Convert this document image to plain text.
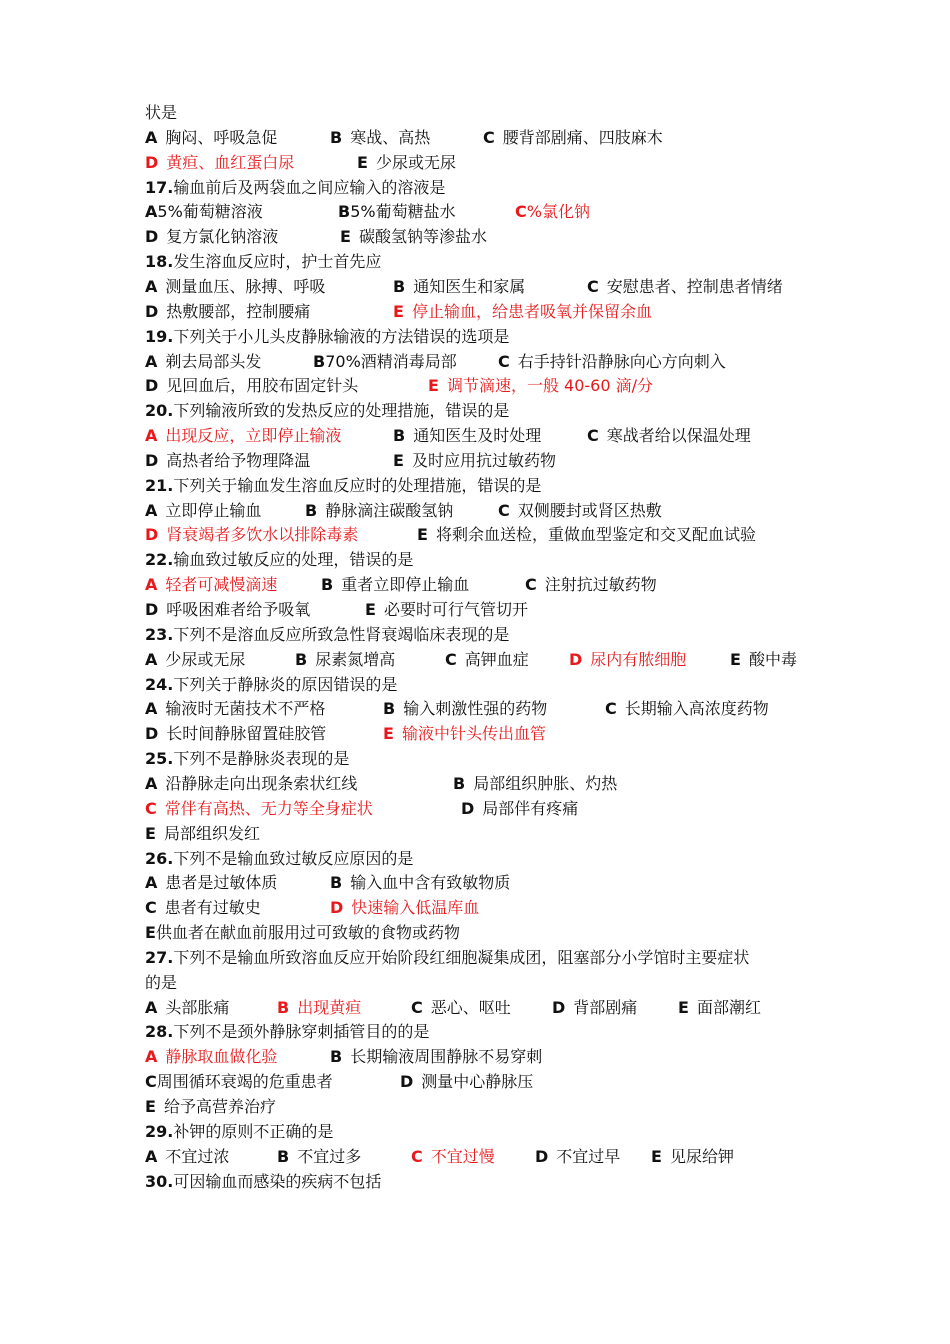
状是
A 胸闷、呼吸急促	B 寒战、高热	C 腰背部剧痛、四肢麻木
D 黄疸、血红蛋白尿	E 少尿或无尿
17.输血前后及两袋血之间应输入的溶液是
A5%葡萄糖溶液	B5%葡萄糖盐水	C%氯化钠
D 复方氯化钠溶液	E 碳酸氢钠等渗盐水
18.发生溶血反应时，护士首先应
A 测量血压、脉搏、呼吸	B 通知医生和家属	C 安慰患者、控制患者情绪
D 热敷腰部，控制腰痛	E 停止输血，给患者吸氧并保留余血
19.下列关于小儿头皮静脉输液的方法错误的选项是
A 剃去局部头发	B70%酒精消毒局部	C 右手持针沿静脉向心方向刺入
D 见回血后，用胶布固定针头	E 调节滴速，一般 40-60 滴/分
20.下列输液所致的发热反应的处理措施，错误的是
A 出现反应，立即停止输液	B 通知医生及时处理	C 寒战者给以保温处理
D 高热者给予物理降温	E 及时应用抗过敏药物
21.下列关于输血发生溶血反应时的处理措施，错误的是
A 立即停止输血	B 静脉滴注碳酸氢钠	C 双侧腰封或肾区热敷
D 肾衰竭者多饮水以排除毒素	E 将剩余血送检，重做血型鉴定和交叉配血试验
22.输血致过敏反应的处理，错误的是
A 轻者可减慢滴速	B 重者立即停止输血	C 注射抗过敏药物
D 呼吸困难者给予吸氧	E 必要时可行气管切开
23.下列不是溶血反应所致急性肾衰竭临床表现的是
A 少尿或无尿	B 尿素氮增高	C 高钾血症	D 尿内有脓细胞	E 酸中毒
24.下列关于静脉炎的原因错误的是
A 输液时无菌技术不严格	B 输入刺激性强的药物	C 长期输入高浓度药物
D 长时间静脉留置硅胶管	E 输液中针头传出血管
25.下列不是静脉炎表现的是
A 沿静脉走向出现条索状红线	B 局部组织肿胀、灼热
C 常伴有高热、无力等全身症状	D 局部伴有疼痛
E 局部组织发红
26.下列不是输血致过敏反应原因的是
A 患者是过敏体质	B 输入血中含有致敏物质
C 患者有过敏史	D 快速输入低温库血
E供血者在献血前服用过可致敏的食物或药物
27.下列不是输血所致溶血反应开始阶段红细胞凝集成团，阻塞部分小学馆时主要症状
的是
A 头部胀痛	B 出现黄疸	C 恶心、呕吐	D 背部剧痛	E 面部潮红
28.下列不是颈外静脉穿刺插管目的的是
A 静脉取血做化验	B 长期输液周围静脉不易穿刺
C周围循环衰竭的危重患者	D 测量中心静脉压
E 给予高营养治疗
29.补钾的原则不正确的是
A 不宜过浓	B 不宜过多	C 不宜过慢	D 不宜过早 E 见尿给钾
30.可因输血而感染的疾病不包括
